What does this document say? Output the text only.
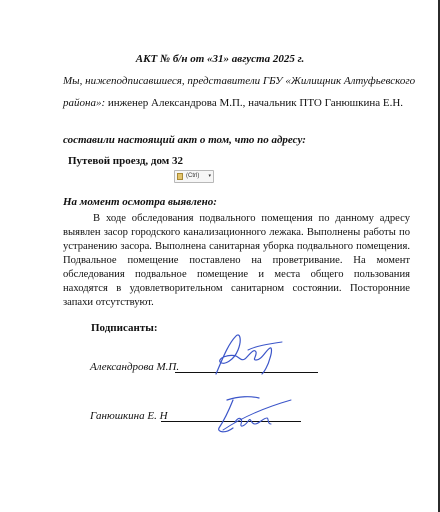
АКТ № б/н от «31» августа 2025 г.
Мы, нижеподписавшиеся, представители ГБУ «Жилищник Алтуфьевского
района»: инженер Александрова М.П., начальник ПТО Ганюшкина Е.Н.
составили настоящий акт о том, что по адресу:
Путевой проезд, дом 32
(Ctrl) ▾
На момент осмотра выявлено:

В ходе обследования подвального помещения по данному адресу выявлен засор городского канализационного лежака. Выполнены работы по устранению засора. Выполнена санитарная уборка подвального помещения. Подвальное помещение поставлено на проветривание. На момент обследования подвальное помещение и места общего пользования находятся в удовлетворительном санитарном состоянии. Посторонние запахи отсутствуют.

Подписанты:
Александрова М.П.
Ганюшкина Е. Н
